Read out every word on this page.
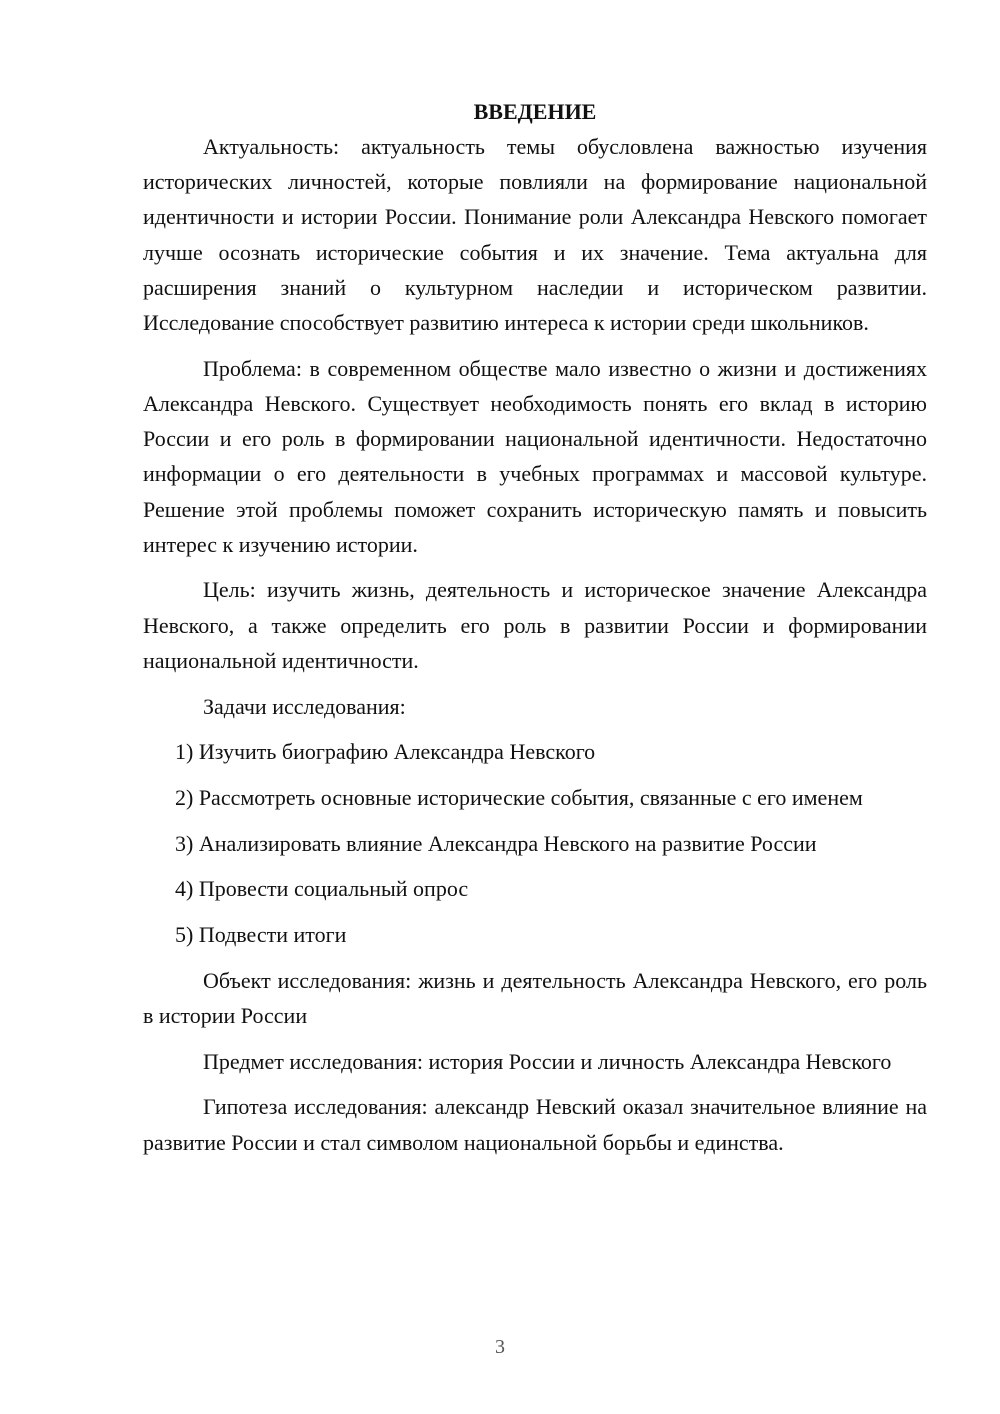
ВВЕДЕНИЕ

Актуальность: актуальность темы обусловлена важностью изучения исторических личностей, которые повлияли на формирование национальной идентичности и истории России. Понимание роли Александра Невского помогает лучше осознать исторические события и их значение. Тема актуальна для расширения знаний о культурном наследии и историческом развитии. Исследование способствует развитию интереса к истории среди школьников.

Проблема: в современном обществе мало известно о жизни и достижениях Александра Невского. Существует необходимость понять его вклад в историю России и его роль в формировании национальной идентичности. Недостаточно информации о его деятельности в учебных программах и массовой культуре. Решение этой проблемы поможет сохранить историческую память и повысить интерес к изучению истории.

Цель: изучить жизнь, деятельность и историческое значение Александра Невского, а также определить его роль в развитии России и формировании национальной идентичности.

Задачи исследования:

1) Изучить биографию Александра Невского

2) Рассмотреть основные исторические события, связанные с его именем

3) Анализировать влияние Александра Невского на развитие России

4) Провести социальный опрос

5) Подвести итоги

Объект исследования: жизнь и деятельность Александра Невского, его роль в истории России

Предмет исследования: история России и личность Александра Невского

Гипотеза исследования: александр Невский оказал значительное влияние на развитие России и стал символом национальной борьбы и единства.

3
